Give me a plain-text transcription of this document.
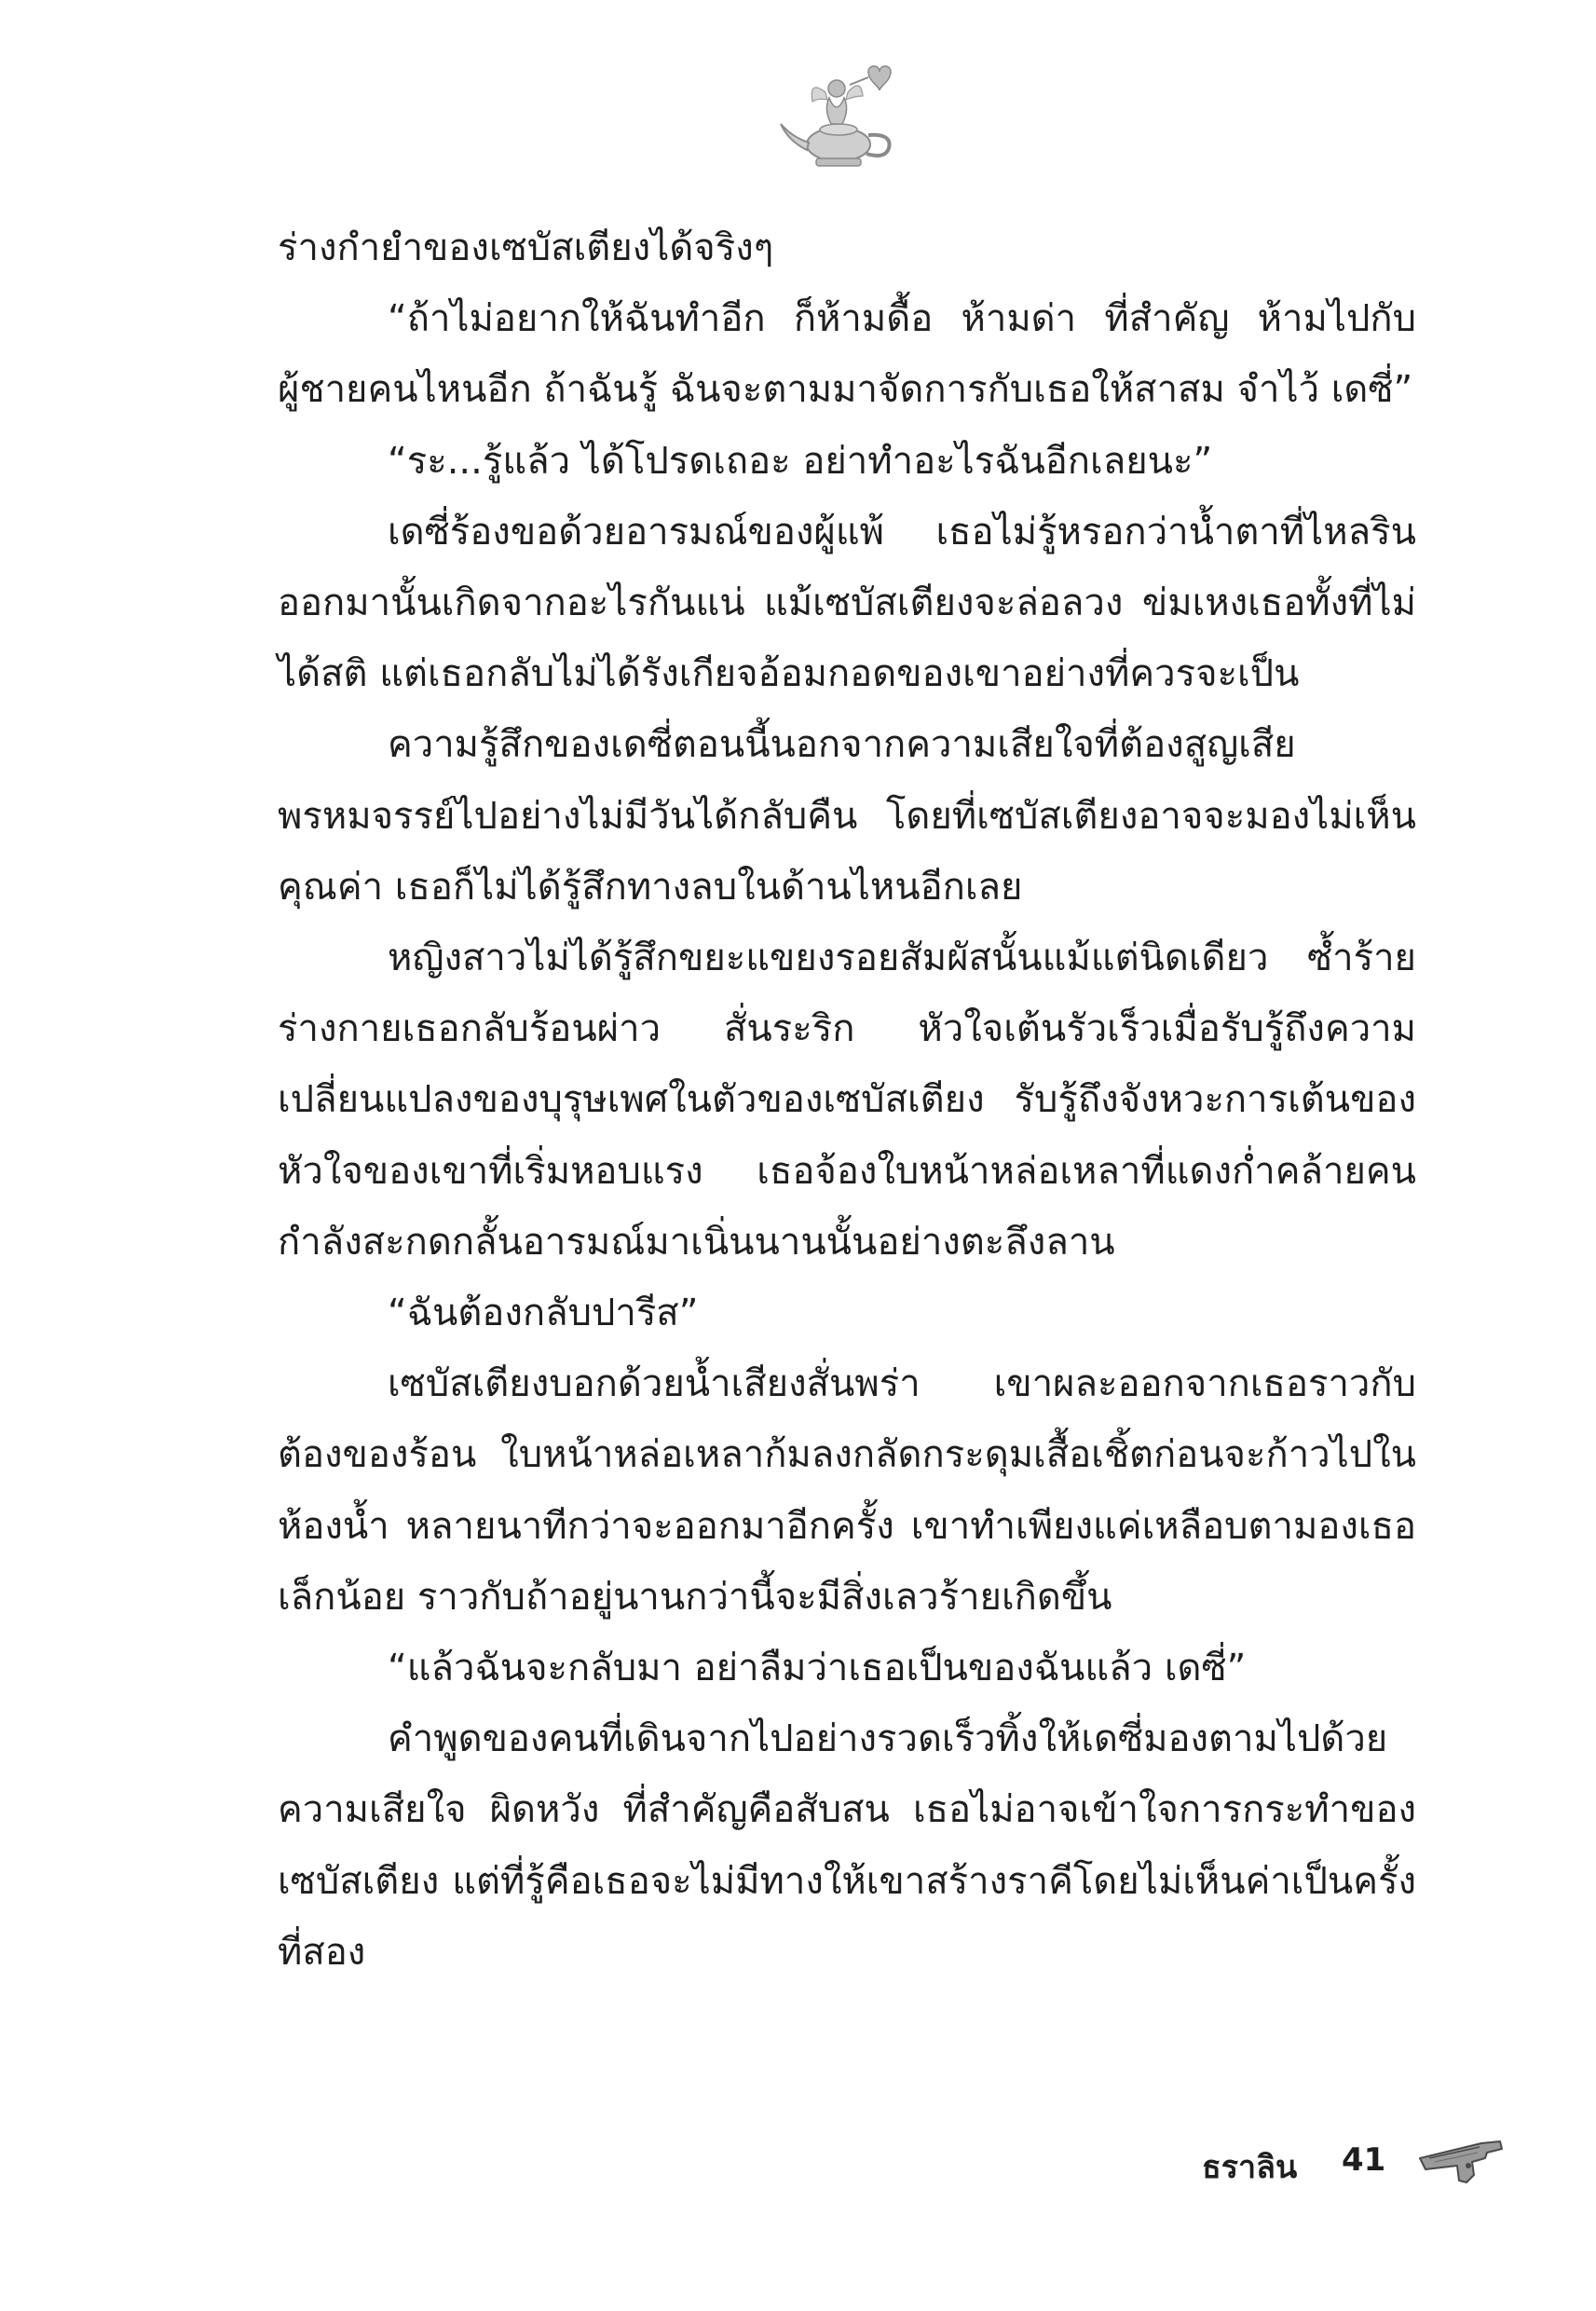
ร่างกำยำของเซบัสเตียงได้จริงๆ

“ถ้าไม่อยากให้ฉันทำอีก ก็ห้ามดื้อ ห้ามด่า ที่สำคัญ ห้ามไปกับผู้ชายคนไหนอีก ถ้าฉันรู้ ฉันจะตามมาจัดการกับเธอให้สาสม จำไว้ เดซี่”

“ระ...รู้แล้ว ได้โปรดเถอะ อย่าทำอะไรฉันอีกเลยนะ”

เดซี่ร้องขอด้วยอารมณ์ของผู้แพ้ เธอไม่รู้หรอกว่าน้ำตาที่ไหลรินออกมานั้นเกิดจากอะไรกันแน่ แม้เซบัสเตียงจะล่อลวง ข่มเหงเธอทั้งที่ไม่ได้สติ แต่เธอกลับไม่ได้รังเกียจอ้อมกอดของเขาอย่างที่ควรจะเป็น

ความรู้สึกของเดซี่ตอนนี้นอกจากความเสียใจที่ต้องสูญเสียพรหมจรรย์ไปอย่างไม่มีวันได้กลับคืน โดยที่เซบัสเตียงอาจจะมองไม่เห็นคุณค่า เธอก็ไม่ได้รู้สึกทางลบในด้านไหนอีกเลย

หญิงสาวไม่ได้รู้สึกขยะแขยงรอยสัมผัสนั้นแม้แต่นิดเดียว ซ้ำร้ายร่างกายเธอกลับร้อนผ่าว สั่นระริก หัวใจเต้นรัวเร็วเมื่อรับรู้ถึงความเปลี่ยนแปลงของบุรุษเพศในตัวของเซบัสเตียง รับรู้ถึงจังหวะการเต้นของหัวใจของเขาที่เริ่มหอบแรง เธอจ้องใบหน้าหล่อเหลาที่แดงก่ำคล้ายคนกำลังสะกดกลั้นอารมณ์มาเนิ่นนานนั้นอย่างตะลึงลาน

“ฉันต้องกลับปารีส”

เซบัสเตียงบอกด้วยน้ำเสียงสั่นพร่า เขาผละออกจากเธอราวกับต้องของร้อน ใบหน้าหล่อเหลาก้มลงกลัดกระดุมเสื้อเชิ้ตก่อนจะก้าวไปในห้องน้ำ หลายนาทีกว่าจะออกมาอีกครั้ง เขาทำเพียงแค่เหลือบตามองเธอเล็กน้อย ราวกับถ้าอยู่นานกว่านี้จะมีสิ่งเลวร้ายเกิดขึ้น

“แล้วฉันจะกลับมา อย่าลืมว่าเธอเป็นของฉันแล้ว เดซี่”

คำพูดของคนที่เดินจากไปอย่างรวดเร็วทิ้งให้เดซี่มองตามไปด้วยความเสียใจ ผิดหวัง ที่สำคัญคือสับสน เธอไม่อาจเข้าใจการกระทำของเซบัสเตียง แต่ที่รู้คือเธอจะไม่มีทางให้เขาสร้างราคีโดยไม่เห็นค่าเป็นครั้งที่สอง

ธราลิน 41
